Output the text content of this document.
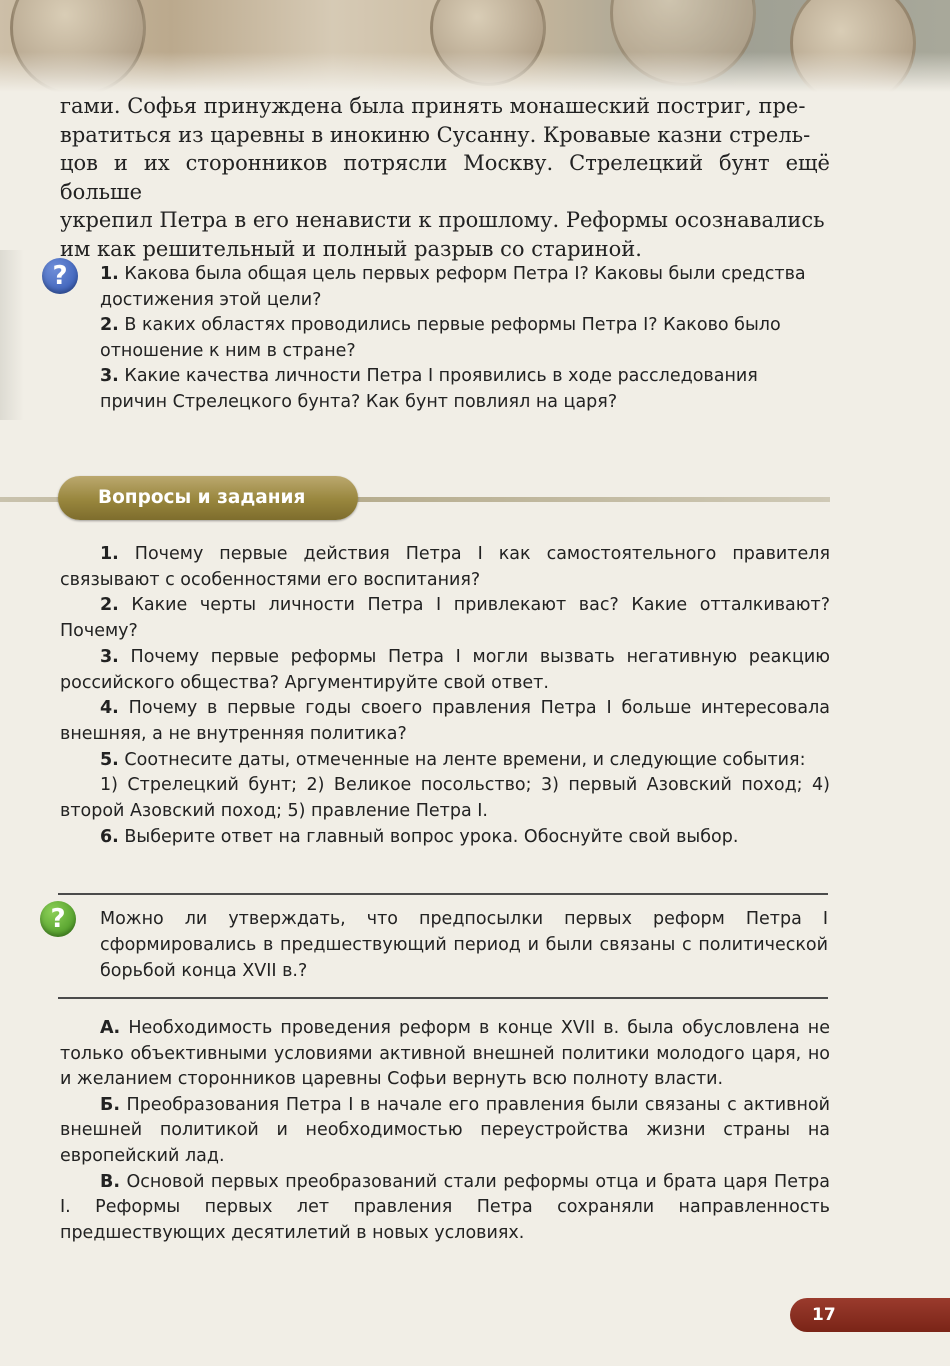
гами. Софья принуждена была принять монашеский постриг, пре-

вратиться из царевны в инокиню Сусанну. Кровавые казни стрель-

цов и их сторонников потрясли Москву. Стрелецкий бунт ещё больше

укрепил Петра в его ненависти к прошлому. Реформы осознавались

им как решительный и полный разрыв со стариной.

?	1. Какова была общая цель первых реформ Петра I? Каковы были средства достижения этой цели?

2. В каких областях проводились первые реформы Петра I? Каково было отношение к ним в стране?

3. Какие качества личности Петра I проявились в ходе расследования причин Стрелецкого бунта? Как бунт повлиял на царя?

Вопросы и задания

1. Почему первые действия Петра I как самостоятельного правителя связывают с особенностями его воспитания?

2. Какие черты личности Петра I привлекают вас? Какие отталкивают? Почему?

3. Почему первые реформы Петра I могли вызвать негативную реакцию российского общества? Аргументируйте свой ответ.

4. Почему в первые годы своего правления Петра I больше интересовала внешняя, а не внутренняя политика?

5. Соотнесите даты, отмеченные на ленте времени, и следующие события:

1) Стрелецкий бунт; 2) Великое посольство; 3) первый Азовский поход; 4) второй Азовский поход; 5) правление Петра I.

6. Выберите ответ на главный вопрос урока. Обоснуйте свой выбор.

?	Можно ли утверждать, что предпосылки первых реформ Петра I сформировались в предшествующий период и были связаны с политической борьбой конца XVII в.?

А. Необходимость проведения реформ в конце XVII в. была обусловлена не только объективными условиями активной внешней политики молодого царя, но и желанием сторонников царевны Софьи вернуть всю полноту власти.

Б. Преобразования Петра I в начале его правления были связаны с активной внешней политикой и необходимостью переустройства жизни страны на европейский лад.

В. Основой первых преобразований стали реформы отца и брата царя Петра I. Реформы первых лет правления Петра сохраняли направленность предшествующих десятилетий в новых условиях.

17
